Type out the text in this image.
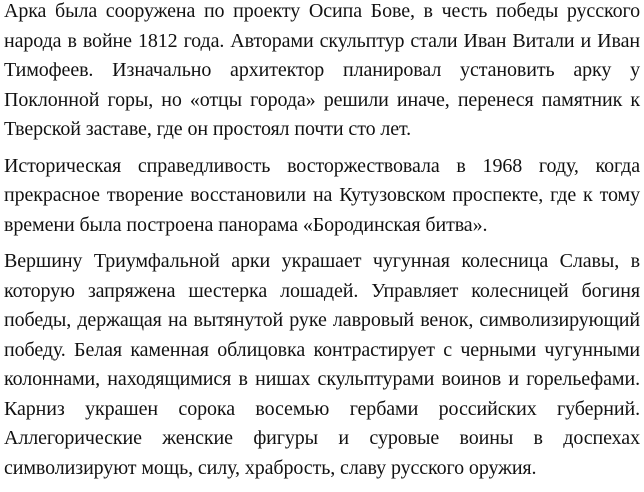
Арка была сооружена по проекту Осипа Бове, в честь победы русского народа в войне 1812 года. Авторами скульптур стали Иван Витали и Иван Тимофеев. Изначально архитектор планировал установить арку у Поклонной горы, но «отцы города» решили иначе, перенеся памятник к Тверской заставе, где он простоял почти сто лет.

Историческая справедливость восторжествовала в 1968 году, когда прекрасное творение восстановили на Кутузовском проспекте, где к тому времени была построена панорама «Бородинская битва».

Вершину Триумфальной арки украшает чугунная колесница Славы, в которую запряжена шестерка лошадей. Управляет колесницей богиня победы, держащая на вытянутой руке лавровый венок, символизирующий победу. Белая каменная облицовка контрастирует с черными чугунными колоннами, находящимися в нишах скульптурами воинов и горельефами. Карниз украшен сорока восемью гербами российских губерний. Аллегорические женские фигуры и суровые воины в доспехах символизируют мощь, силу, храбрость, славу русского оружия.
